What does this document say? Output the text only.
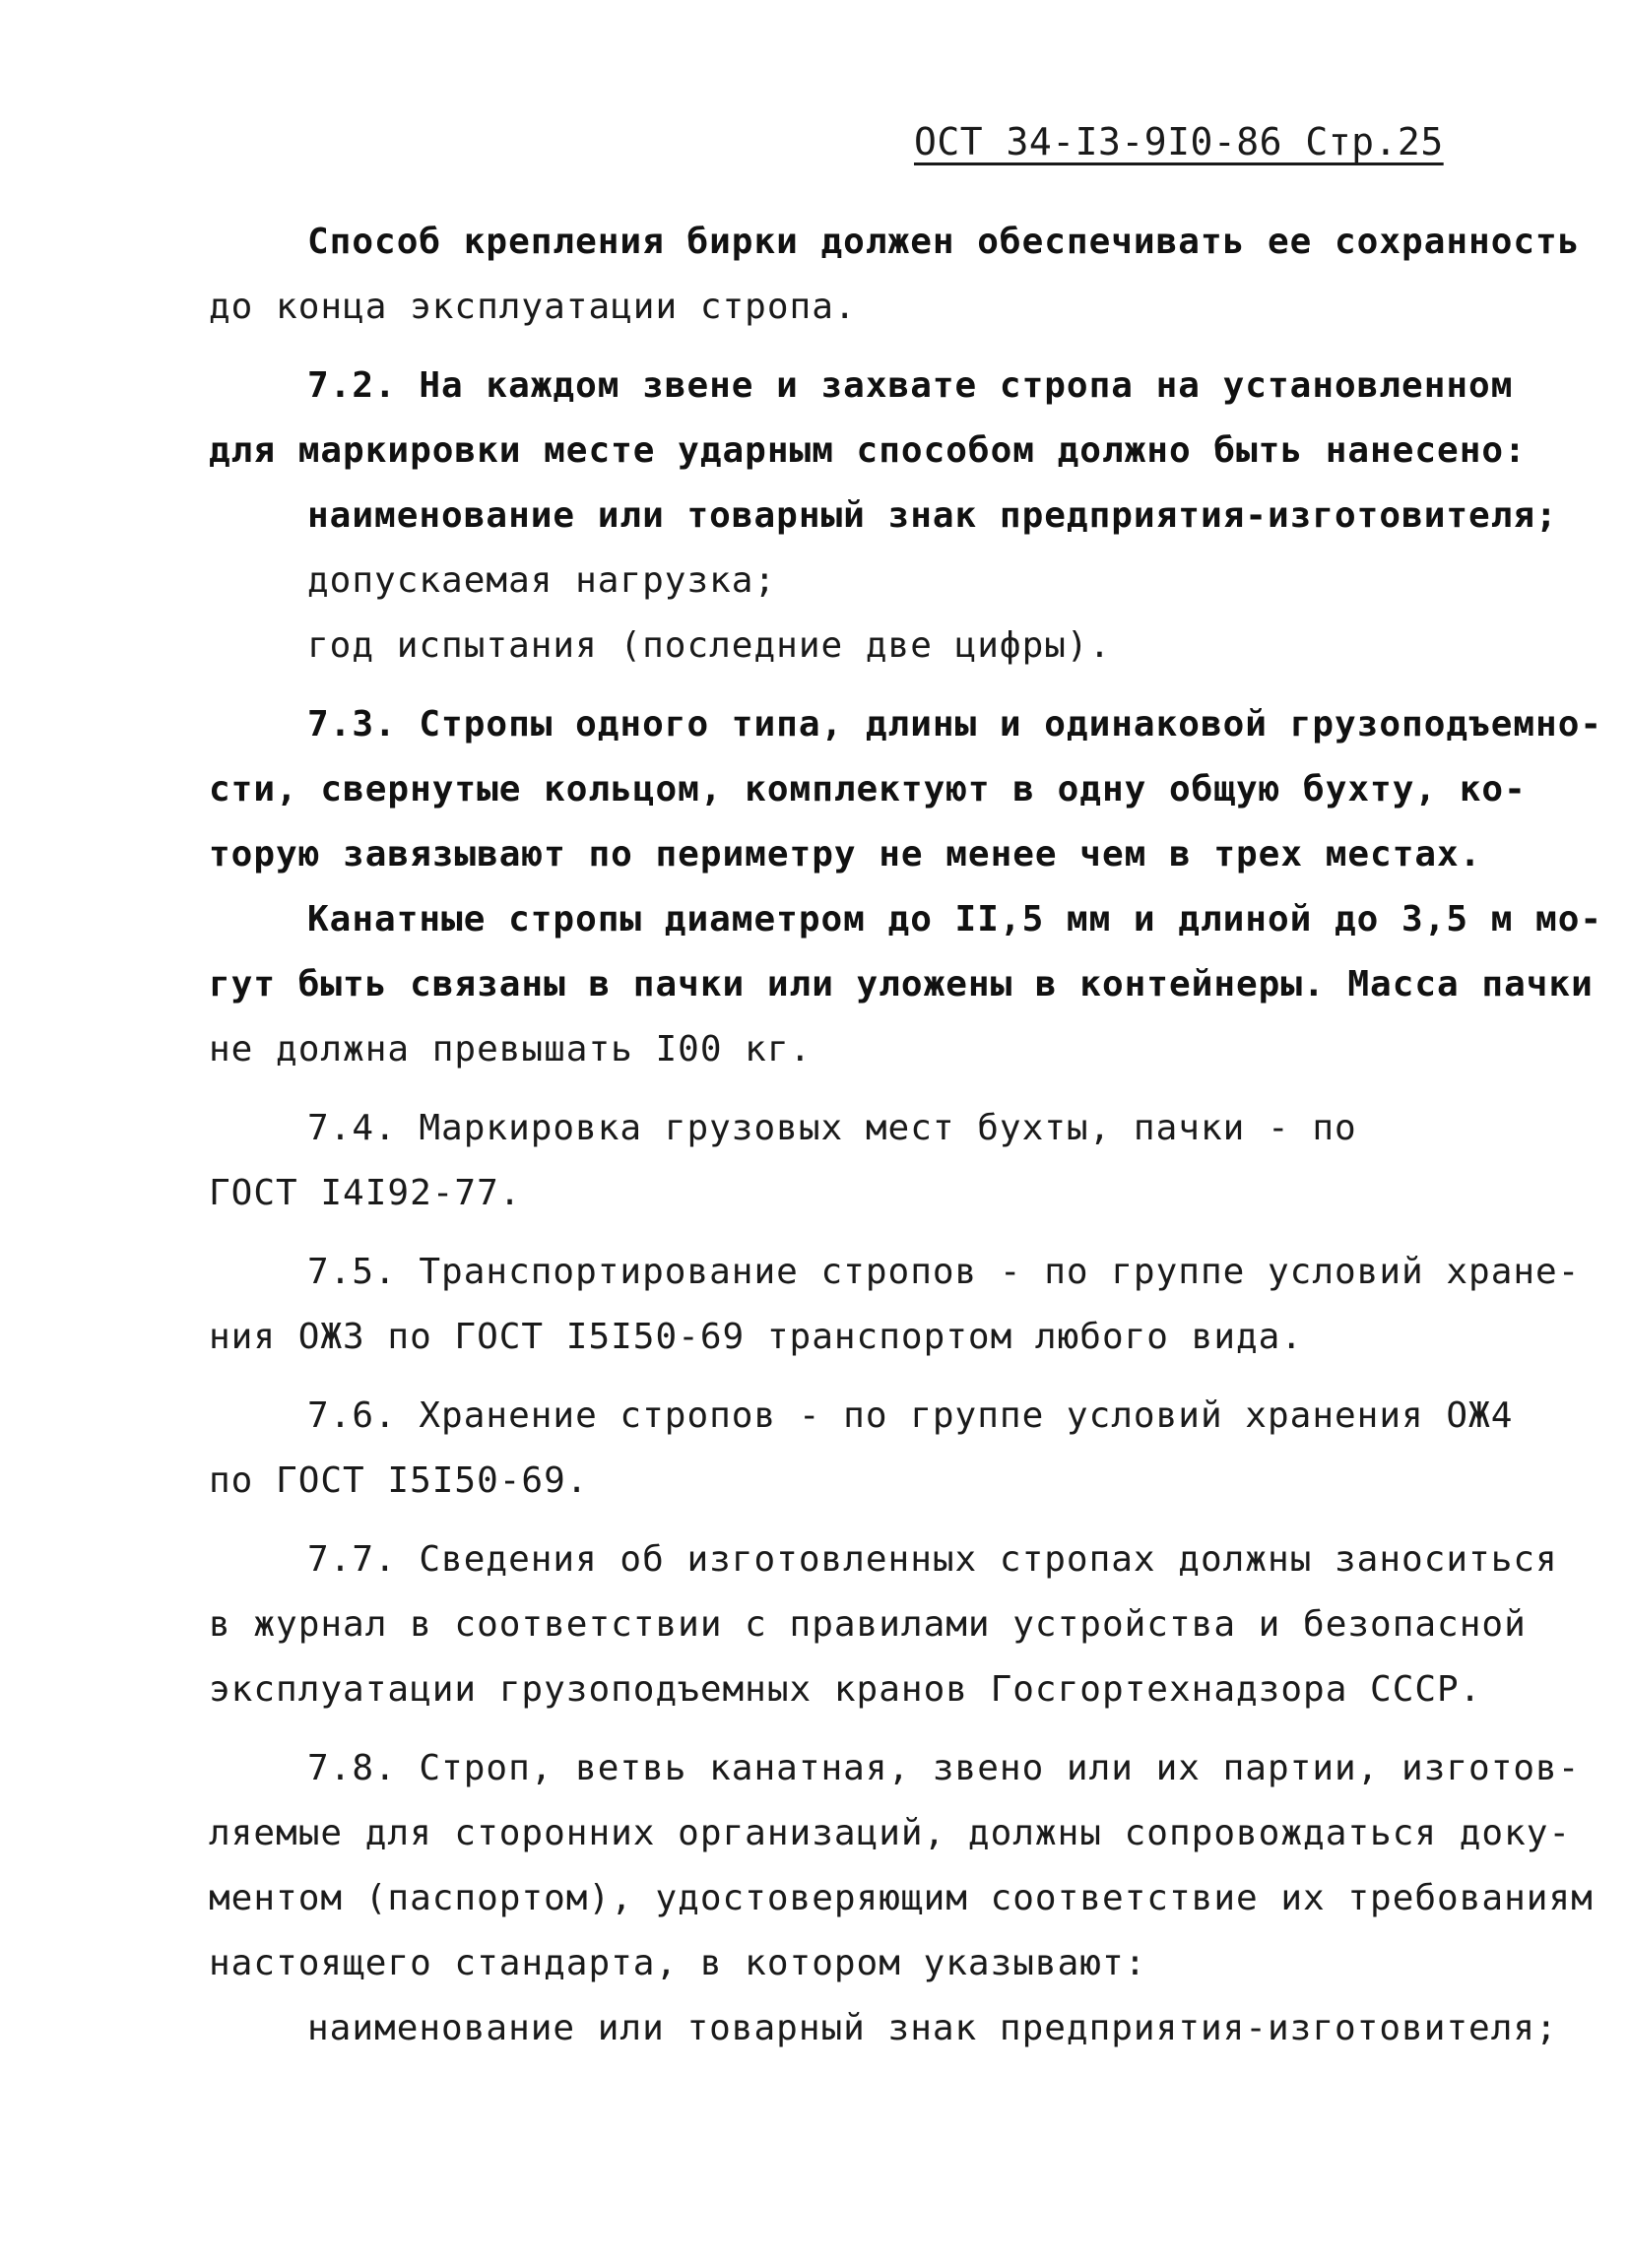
ОСТ 34-I3-9I0-86 Стр.25
Способ крепления бирки должен обеспечивать ее сохранность
до конца эксплуатации стропа.
7.2. На каждом звене и захвате стропа на установленном
для маркировки месте ударным способом должно быть нанесено:
наименование или товарный знак предприятия-изготовителя;
допускаемая нагрузка;
год испытания (последние две цифры).
7.3. Стропы одного типа, длины и одинаковой грузоподъемно-
сти, свернутые кольцом, комплектуют в одну общую бухту, ко-
торую завязывают по периметру не менее чем в трех местах.
Канатные стропы диаметром до II,5 мм и длиной до 3,5 м мо-
гут быть связаны в пачки или уложены в контейнеры. Масса пачки
не должна превышать I00 кг.
7.4. Маркировка грузовых мест бухты, пачки - по
ГОСТ I4I92-77.
7.5. Транспортирование стропов - по группе условий хране-
ния ОЖ3 по ГОСТ I5I50-69 транспортом любого вида.
7.6. Хранение стропов - по группе условий хранения ОЖ4
по ГОСТ I5I50-69.
7.7. Сведения об изготовленных стропах должны заноситься
в журнал в соответствии с правилами устройства и безопасной
эксплуатации грузоподъемных кранов Госгортехнадзора СССР.
7.8. Строп, ветвь канатная, звено или их партии, изготов-
ляемые для сторонних организаций, должны сопровождаться доку-
ментом (паспортом), удостоверяющим соответствие их требованиям
настоящего стандарта, в котором указывают:
наименование или товарный знак предприятия-изготовителя;
